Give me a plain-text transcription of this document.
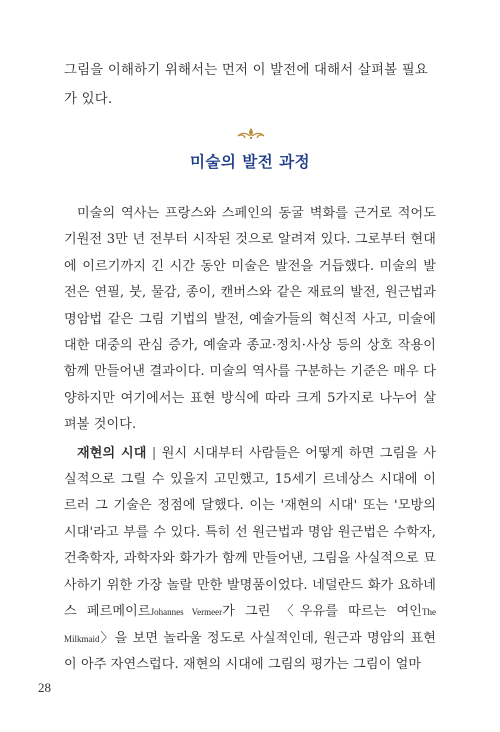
그림을 이해하기 위해서는 먼저 이 발전에 대해서 살펴볼 필요가 있다.

미술의 발전 과정

미술의 역사는 프랑스와 스페인의 동굴 벽화를 근거로 적어도 기원전 3만 년 전부터 시작된 것으로 알려져 있다. 그로부터 현대에 이르기까지 긴 시간 동안 미술은 발전을 거듭했다. 미술의 발전은 연필, 붓, 물감, 종이, 캔버스와 같은 재료의 발전, 원근법과 명암법 같은 그림 기법의 발전, 예술가들의 혁신적 사고, 미술에 대한 대중의 관심 증가, 예술과 종교·정치·사상 등의 상호 작용이 함께 만들어낸 결과이다. 미술의 역사를 구분하는 기준은 매우 다양하지만 여기에서는 표현 방식에 따라 크게 5가지로 나누어 살펴볼 것이다.

재현의 시대 | 원시 시대부터 사람들은 어떻게 하면 그림을 사실적으로 그릴 수 있을지 고민했고, 15세기 르네상스 시대에 이르러 그 기술은 정점에 달했다. 이는 '재현의 시대' 또는 '모방의 시대'라고 부를 수 있다. 특히 선 원근법과 명암 원근법은 수학자, 건축학자, 과학자와 화가가 함께 만들어낸, 그림을 사실적으로 묘사하기 위한 가장 놀랄 만한 발명품이었다. 네덜란드 화가 요하네스 페르메이르Johannes Vermeer가 그린 〈우유를 따르는 여인The Milkmaid〉을 보면 놀라울 정도로 사실적인데, 원근과 명암의 표현이 아주 자연스럽다. 재현의 시대에 그림의 평가는 그림이 얼마

28
